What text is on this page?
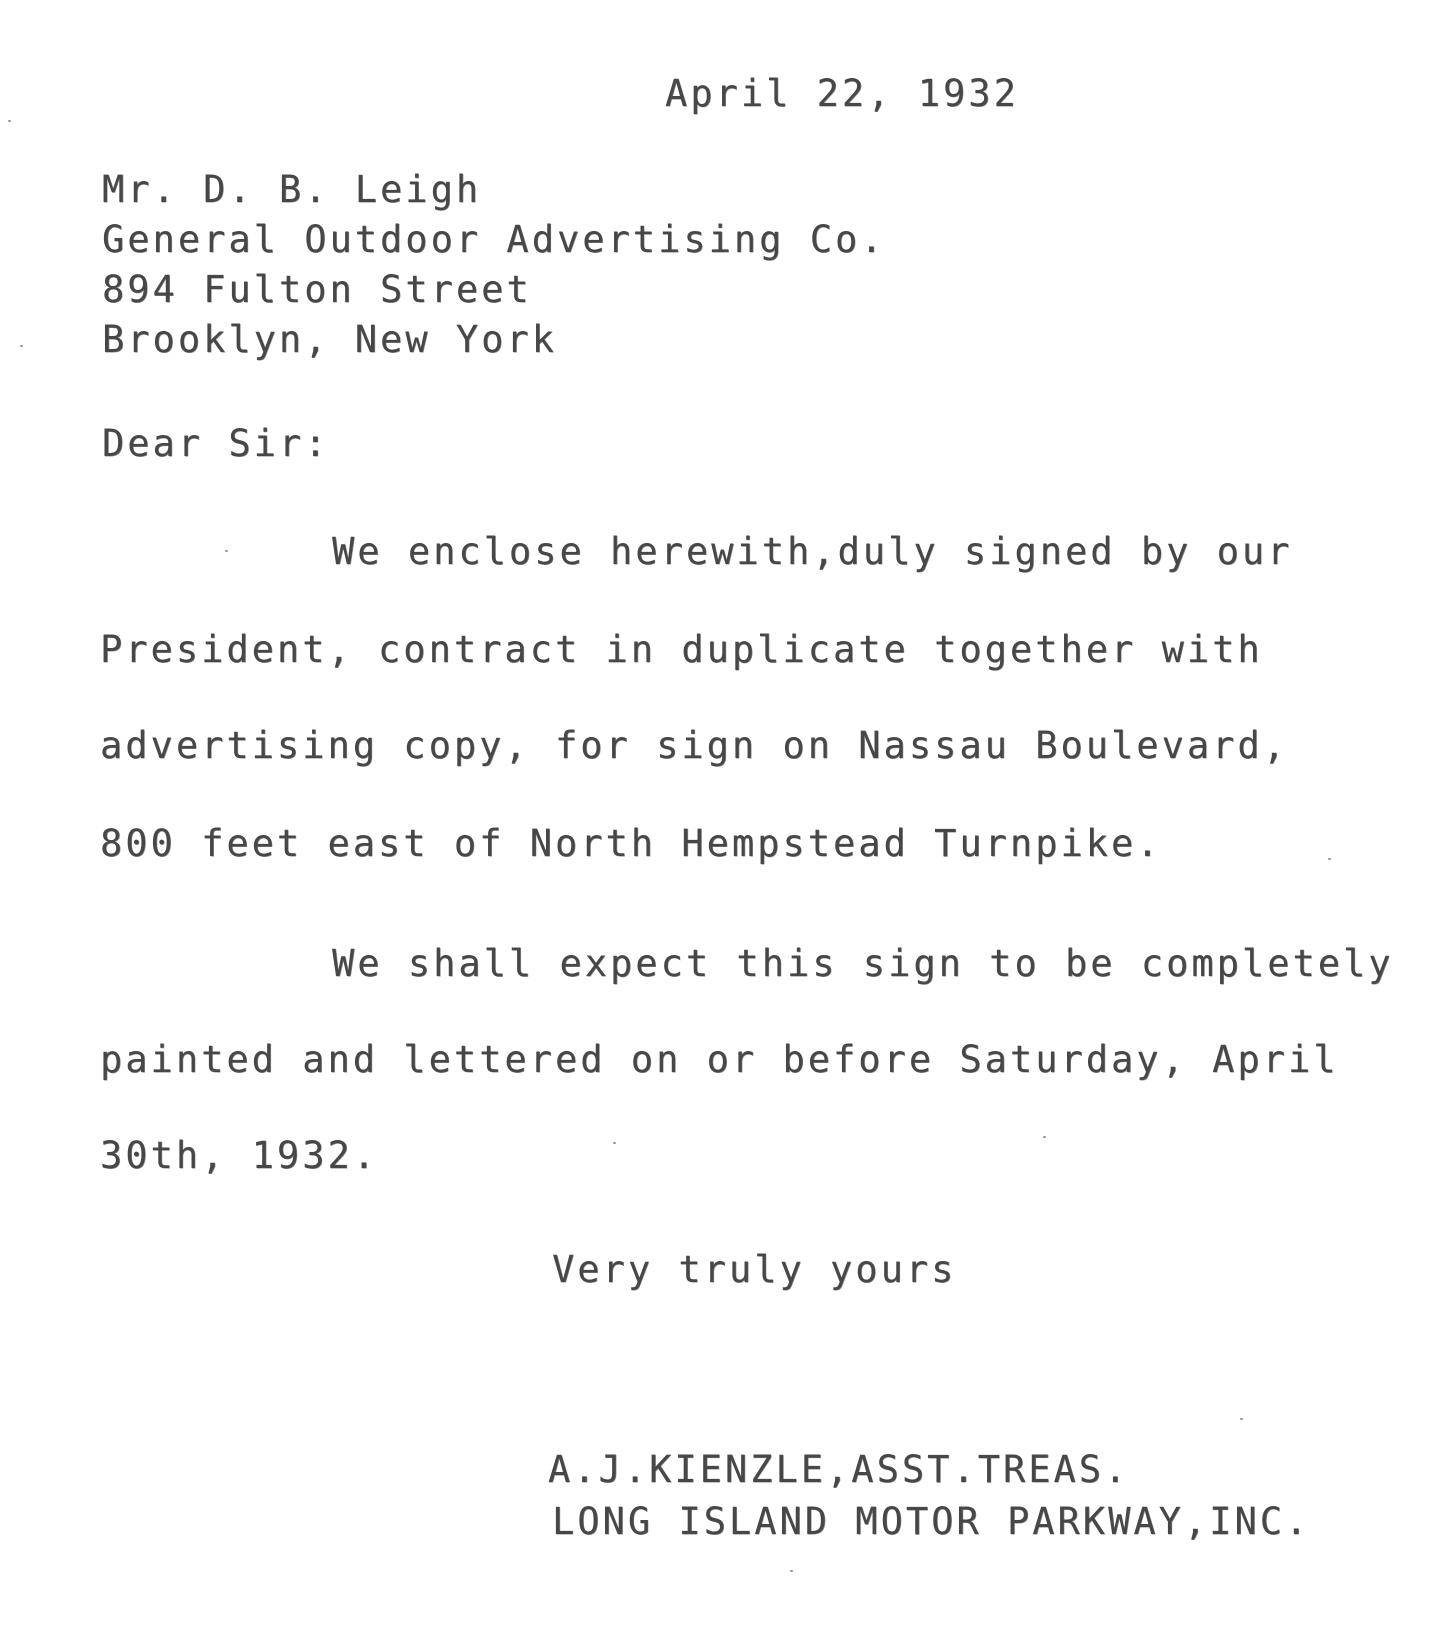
April 22, 1932
Mr. D. B. Leigh
General Outdoor Advertising Co.
894 Fulton Street
Brooklyn, New York
Dear Sir:
We enclose herewith,duly signed by our
President, contract in duplicate together with
advertising copy, for sign on Nassau Boulevard,
800 feet east of North Hempstead Turnpike.
We shall expect this sign to be completely
painted and lettered on or before Saturday, April
30th, 1932.
Very truly yours
A.J.KIENZLE,ASST.TREAS.
LONG ISLAND MOTOR PARKWAY,INC.
